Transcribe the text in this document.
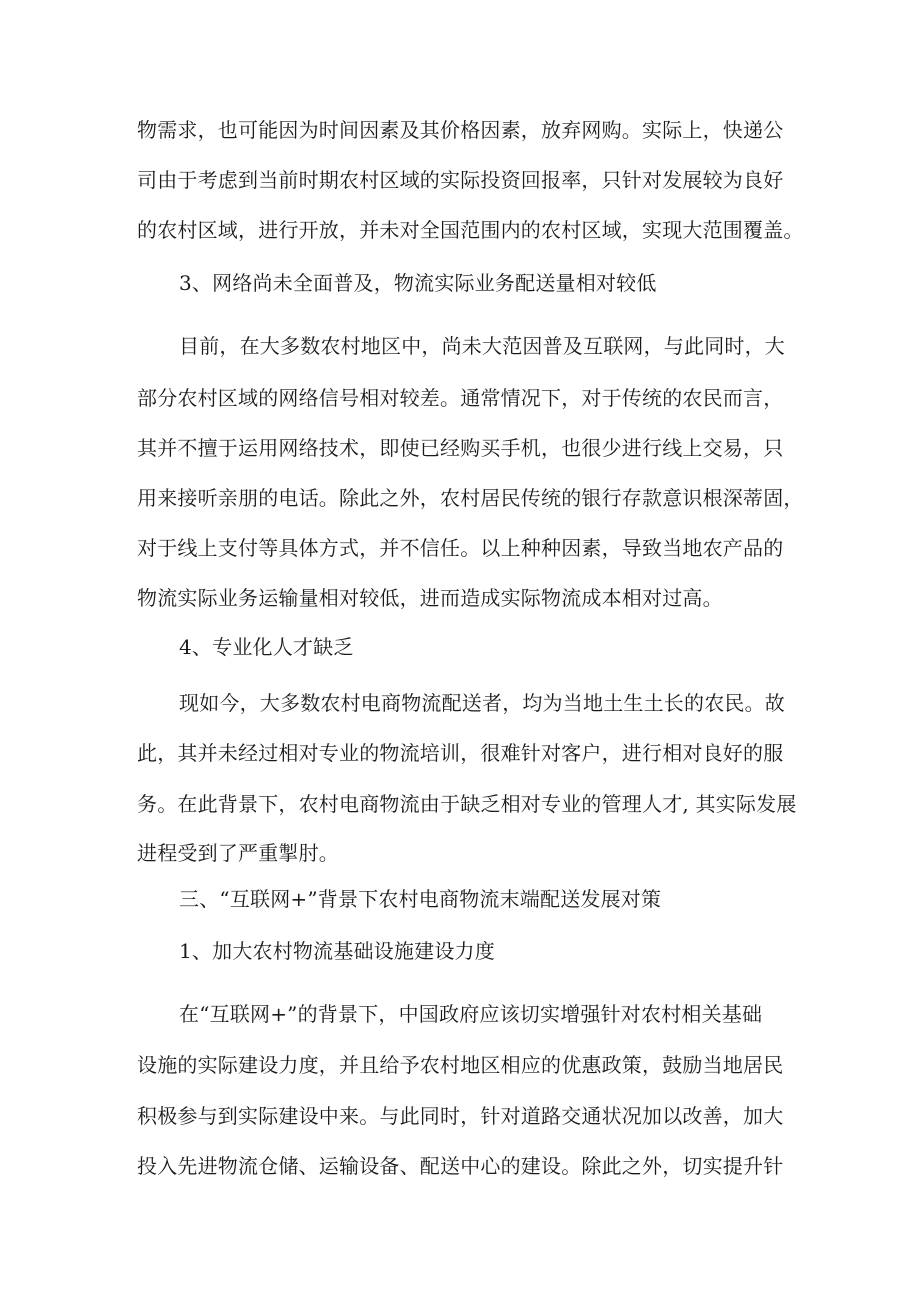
物需求，也可能因为时间因素及其价格因素，放弃网购。实际上，快递公

司由于考虑到当前时期农村区域的实际投资回报率，只针对发展较为良好

的农村区域，进行开放，并未对全国范围内的农村区域，实现大范围覆盖。

3、网络尚未全面普及，物流实际业务配送量相对较低

目前，在大多数农村地区中，尚未大范因普及互联网，与此同时，大

部分农村区域的网络信号相对较差。通常情况下，对于传统的农民而言，

其并不擅于运用网络技术，即使已经购买手机，也很少进行线上交易，只

用来接听亲朋的电话。除此之外，农村居民传统的银行存款意识根深蒂固，

对于线上支付等具体方式，并不信任。以上种种因素，导致当地农产品的

物流实际业务运输量相对较低，进而造成实际物流成本相对过高。

4、专业化人才缺乏

现如今，大多数农村电商物流配送者，均为当地土生土长的农民。故

此，其并未经过相对专业的物流培训，很难针对客户，进行相对良好的服

务。在此背景下，农村电商物流由于缺乏相对专业的管理人才, 其实际发展

进程受到了严重掣肘。

三、“互联网+”背景下农村电商物流末端配送发展对策

1、加大农村物流基础设施建设力度

在“互联网+”的背景下，中国政府应该切实增强针对农村相关基础

设施的实际建设力度，并且给予农村地区相应的优惠政策，鼓励当地居民

积极参与到实际建设中来。与此同时，针对道路交通状况加以改善，加大

投入先进物流仓储、运输设备、配送中心的建设。除此之外，切实提升针
